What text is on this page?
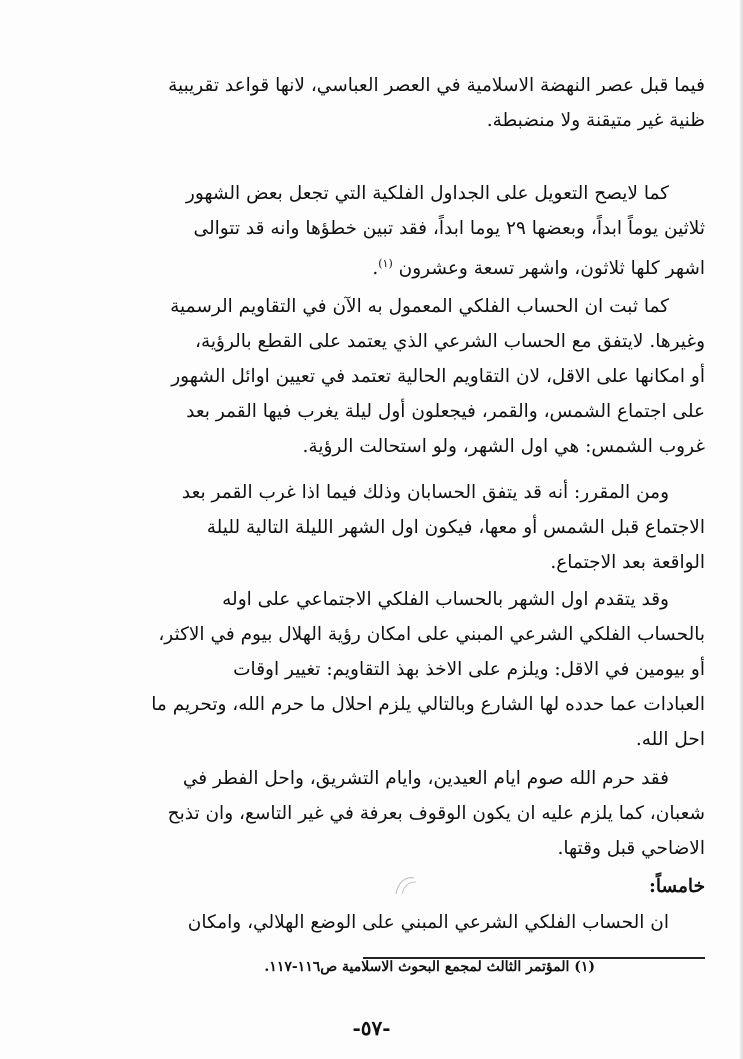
فيما قبل عصر النهضة الاسلامية في العصر العباسي، لانها قواعد تقريبية
ظنية غير متيقنة ولا منضبطة.
كما لايصح التعويل على الجداول الفلكية التي تجعل بعض الشهور
ثلاثين يوماً ابداً، وبعضها ٢٩ يوما ابداً، فقد تبين خطؤها وانه قد تتوالى
اشهر كلها ثلاثون، واشهر تسعة وعشرون $^{(١)}$.
كما ثبت ان الحساب الفلكي المعمول به الآن في التقاويم الرسمية
وغيرها. لايتفق مع الحساب الشرعي الذي يعتمد على القطع بالرؤية،
أو امكانها على الاقل، لان التقاويم الحالية تعتمد في تعيين اوائل الشهور
على اجتماع الشمس، والقمر، فيجعلون أول ليلة يغرب فيها القمر بعد
غروب الشمس: هي اول الشهر، ولو استحالت الرؤية.
ومن المقرر: أنه قد يتفق الحسابان وذلك فيما اذا غرب القمر بعد
الاجتماع قبل الشمس أو معها، فيكون اول الشهر الليلة التالية لليلة
الواقعة بعد الاجتماع.
وقد يتقدم اول الشهر بالحساب الفلكي الاجتماعي على اوله
بالحساب الفلكي الشرعي المبني على امكان رؤية الهلال بيوم في الاكثر،
أو بيومين في الاقل: ويلزم على الاخذ بهذ التقاويم: تغيير اوقات
العبادات عما حدده لها الشارع وبالتالي يلزم احلال ما حرم الله، وتحريم ما
احل الله.
فقد حرم الله صوم ايام العيدين، وايام التشريق، واحل الفطر في
شعبان، كما يلزم عليه ان يكون الوقوف بعرفة في غير التاسع، وان تذبح
الاضاحي قبل وقتها.
خامساً:
ان الحساب الفلكي الشرعي المبني على الوضع الهلالي، وامكان
(١) المؤتمر الثالث لمجمع البحوث الاسلامية ص١١٦-١١٧.
-٥٧-
